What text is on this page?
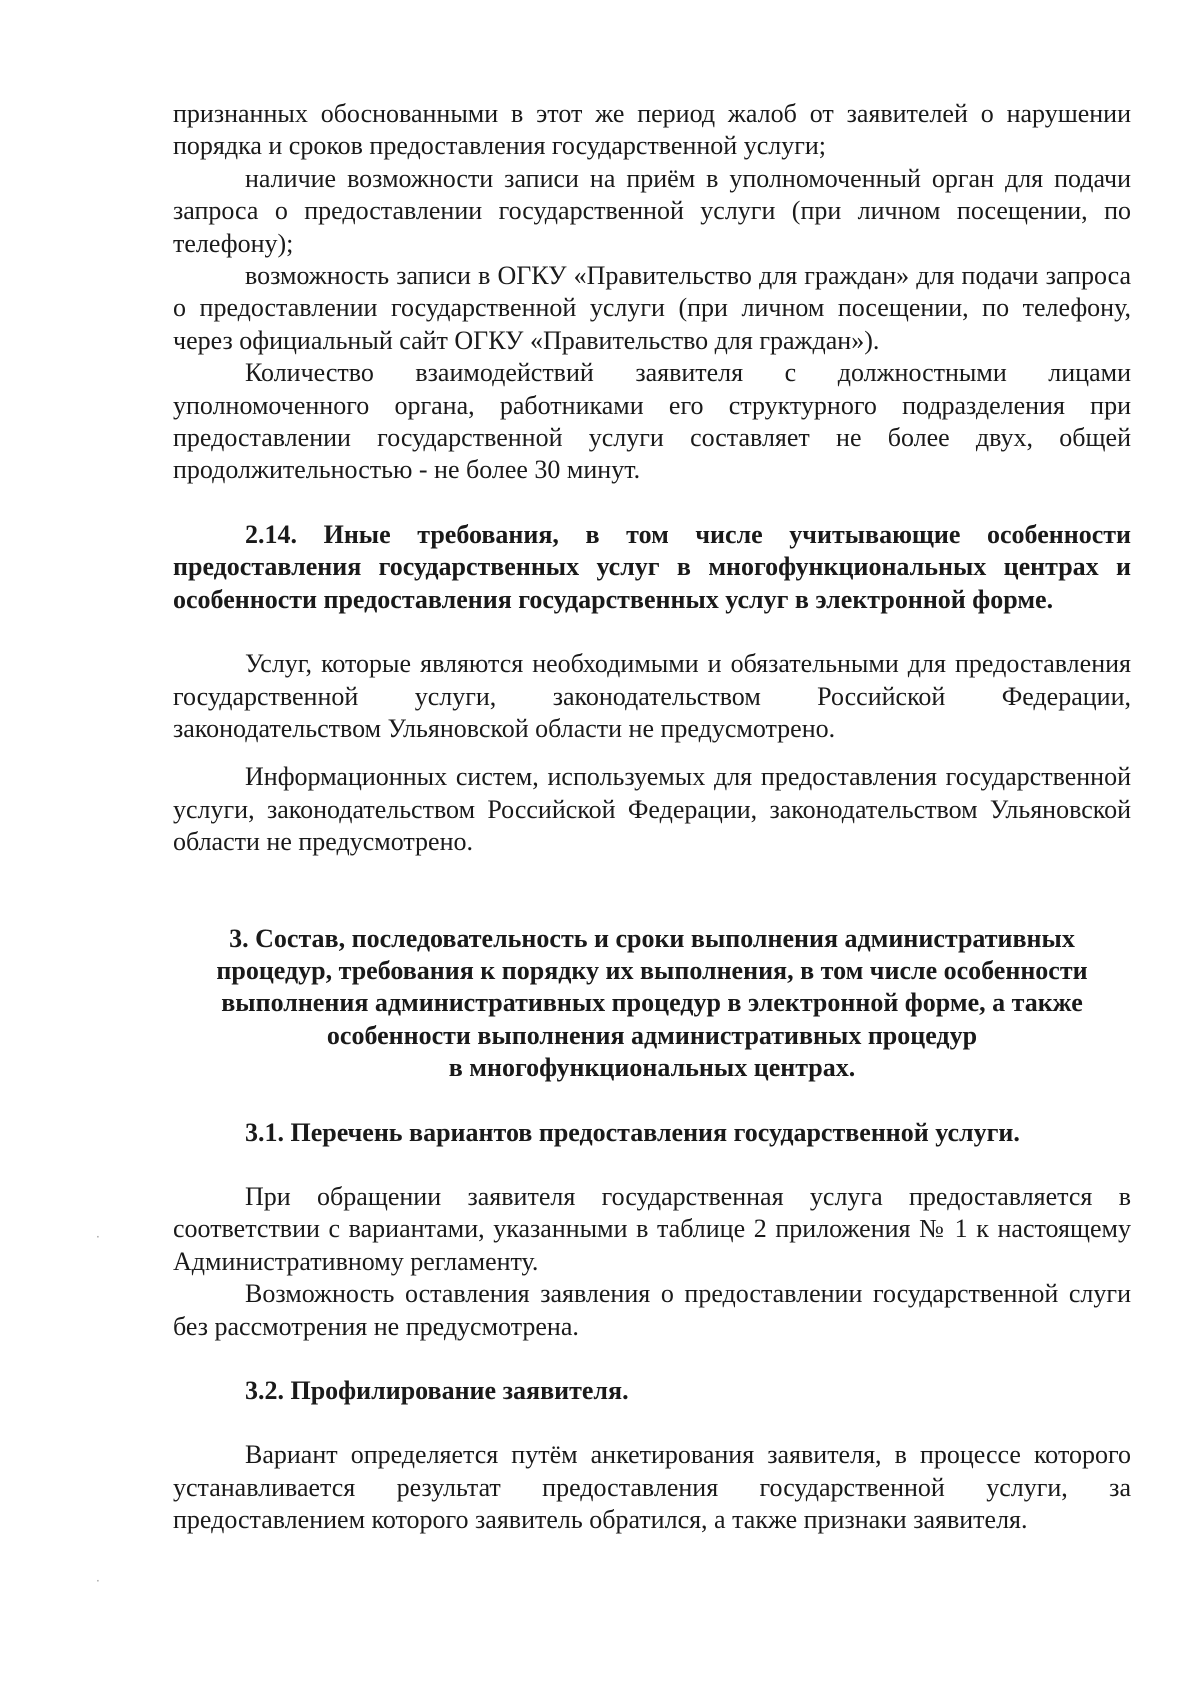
признанных обоснованными в этот же период жалоб от заявителей о нарушении порядка и сроков предоставления государственной услуги;

наличие возможности записи на приём в уполномоченный орган для подачи запроса о предоставлении государственной услуги (при личном посещении, по телефону);

возможность записи в ОГКУ «Правительство для граждан» для подачи запроса о предоставлении государственной услуги (при личном посещении, по телефону, через официальный сайт ОГКУ «Правительство для граждан»).

Количество взаимодействий заявителя с должностными лицами уполномоченного органа, работниками его структурного подразделения при предоставлении государственной услуги составляет не более двух, общей продолжительностью - не более 30 минут.

2.14. Иные требования, в том числе учитывающие особенности предоставления государственных услуг в многофункциональных центрах и особенности предоставления государственных услуг в электронной форме.

Услуг, которые являются необходимыми и обязательными для предоставления государственной услуги, законодательством Российской Федерации, законодательством Ульяновской области не предусмотрено.

Информационных систем, используемых для предоставления государственной услуги, законодательством Российской Федерации, законодательством Ульяновской области не предусмотрено.

3. Состав, последовательность и сроки выполнения административных

процедур, требования к порядку их выполнения, в том числе особенности

выполнения административных процедур в электронной форме, а также

особенности выполнения административных процедур

в многофункциональных центрах.

3.1. Перечень вариантов предоставления государственной услуги.

При обращении заявителя государственная услуга предоставляется в соответствии с вариантами, указанными в таблице 2 приложения № 1 к настоящему Административному регламенту.

Возможность оставления заявления о предоставлении государственной слуги без рассмотрения не предусмотрена.

3.2. Профилирование заявителя.

Вариант определяется путём анкетирования заявителя, в процессе которого устанавливается результат предоставления государственной услуги, за предоставлением которого заявитель обратился, а также признаки заявителя.

·
·
